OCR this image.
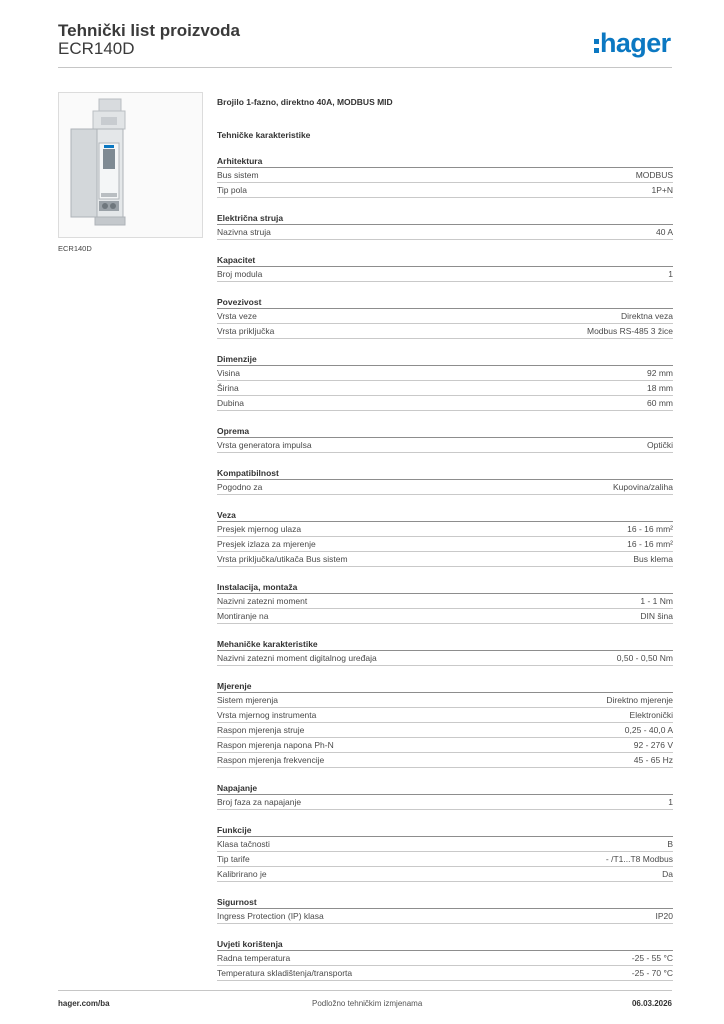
Tehnički list proizvoda
ECR140D	hager
ECR140D
Brojilo 1-fazno, direktno 40A, MODBUS MID
Tehničke karakteristike
Arhitektura
Bus sistem	MODBUS
Tip pola	1P+N
Električna struja
Nazivna struja	40 A
Kapacitet
Broj modula	1
Povezivost
Vrsta veze	Direktna veza
Vrsta priključka	Modbus RS-485 3 žice
Dimenzije
Visina	92 mm
Širina	18 mm
Dubina	60 mm
Oprema
Vrsta generatora impulsa	Optički
Kompatibilnost
Pogodno za	Kupovina/zaliha
Veza
Presjek mjernog ulaza	16 - 16 mm²
Presjek izlaza za mjerenje	16 - 16 mm²
Vrsta priključka/utikača Bus sistem	Bus klema
Instalacija, montaža
Nazivni zatezni moment	1 - 1 Nm
Montiranje na	DIN šina
Mehaničke karakteristike
Nazivni zatezni moment digitalnog uređaja	0,50 - 0,50 Nm
Mjerenje
Sistem mjerenja	Direktno mjerenje
Vrsta mjernog instrumenta	Elektronički
Raspon mjerenja struje	0,25 - 40,0 A
Raspon mjerenja napona Ph-N	92 - 276 V
Raspon mjerenja frekvencije	45 - 65 Hz
Napajanje
Broj faza za napajanje	1
Funkcije
Klasa tačnosti	B
Tip tarife	- /T1...T8 Modbus
Kalibrirano je	Da
Sigurnost
Ingress Protection (IP) klasa	IP20
Uvjeti korištenja
Radna temperatura	-25 - 55 °C
Temperatura skladištenja/transporta	-25 - 70 °C
hager.com/ba	Podložno tehničkim izmjenama	06.03.2026
